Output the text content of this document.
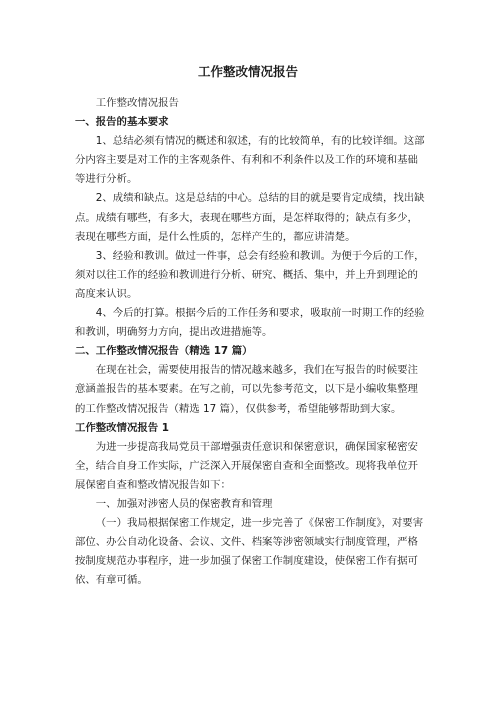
工作整改情况报告

工作整改情况报告

一、报告的基本要求

1、总结必须有情况的概述和叙述，有的比较简单，有的比较详细。这部分内容主要是对工作的主客观条件、有利和不利条件以及工作的环境和基础等进行分析。

2、成绩和缺点。这是总结的中心。总结的目的就是要肯定成绩，找出缺点。成绩有哪些，有多大，表现在哪些方面，是怎样取得的；缺点有多少，表现在哪些方面，是什么性质的，怎样产生的，都应讲清楚。

3、经验和教训。做过一件事，总会有经验和教训。为便于今后的工作，须对以往工作的经验和教训进行分析、研究、概括、集中，并上升到理论的高度来认识。

4、今后的打算。根据今后的工作任务和要求，吸取前一时期工作的经验和教训，明确努力方向，提出改进措施等。

二、工作整改情况报告（精选 17 篇）

在现在社会，需要使用报告的情况越来越多，我们在写报告的时候要注意涵盖报告的基本要素。在写之前，可以先参考范文，以下是小编收集整理的工作整改情况报告（精选 17 篇），仅供参考，希望能够帮助到大家。

工作整改情况报告 1

为进一步提高我局党员干部增强责任意识和保密意识，确保国家秘密安全，结合自身工作实际，广泛深入开展保密自查和全面整改。现将我单位开展保密自查和整改情况报告如下：

一、加强对涉密人员的保密教育和管理

（一）我局根据保密工作规定，进一步完善了《保密工作制度》，对要害部位、办公自动化设备、会议、文件、档案等涉密领域实行制度管理，严格按制度规范办事程序，进一步加强了保密工作制度建设，使保密工作有据可依、有章可循。
